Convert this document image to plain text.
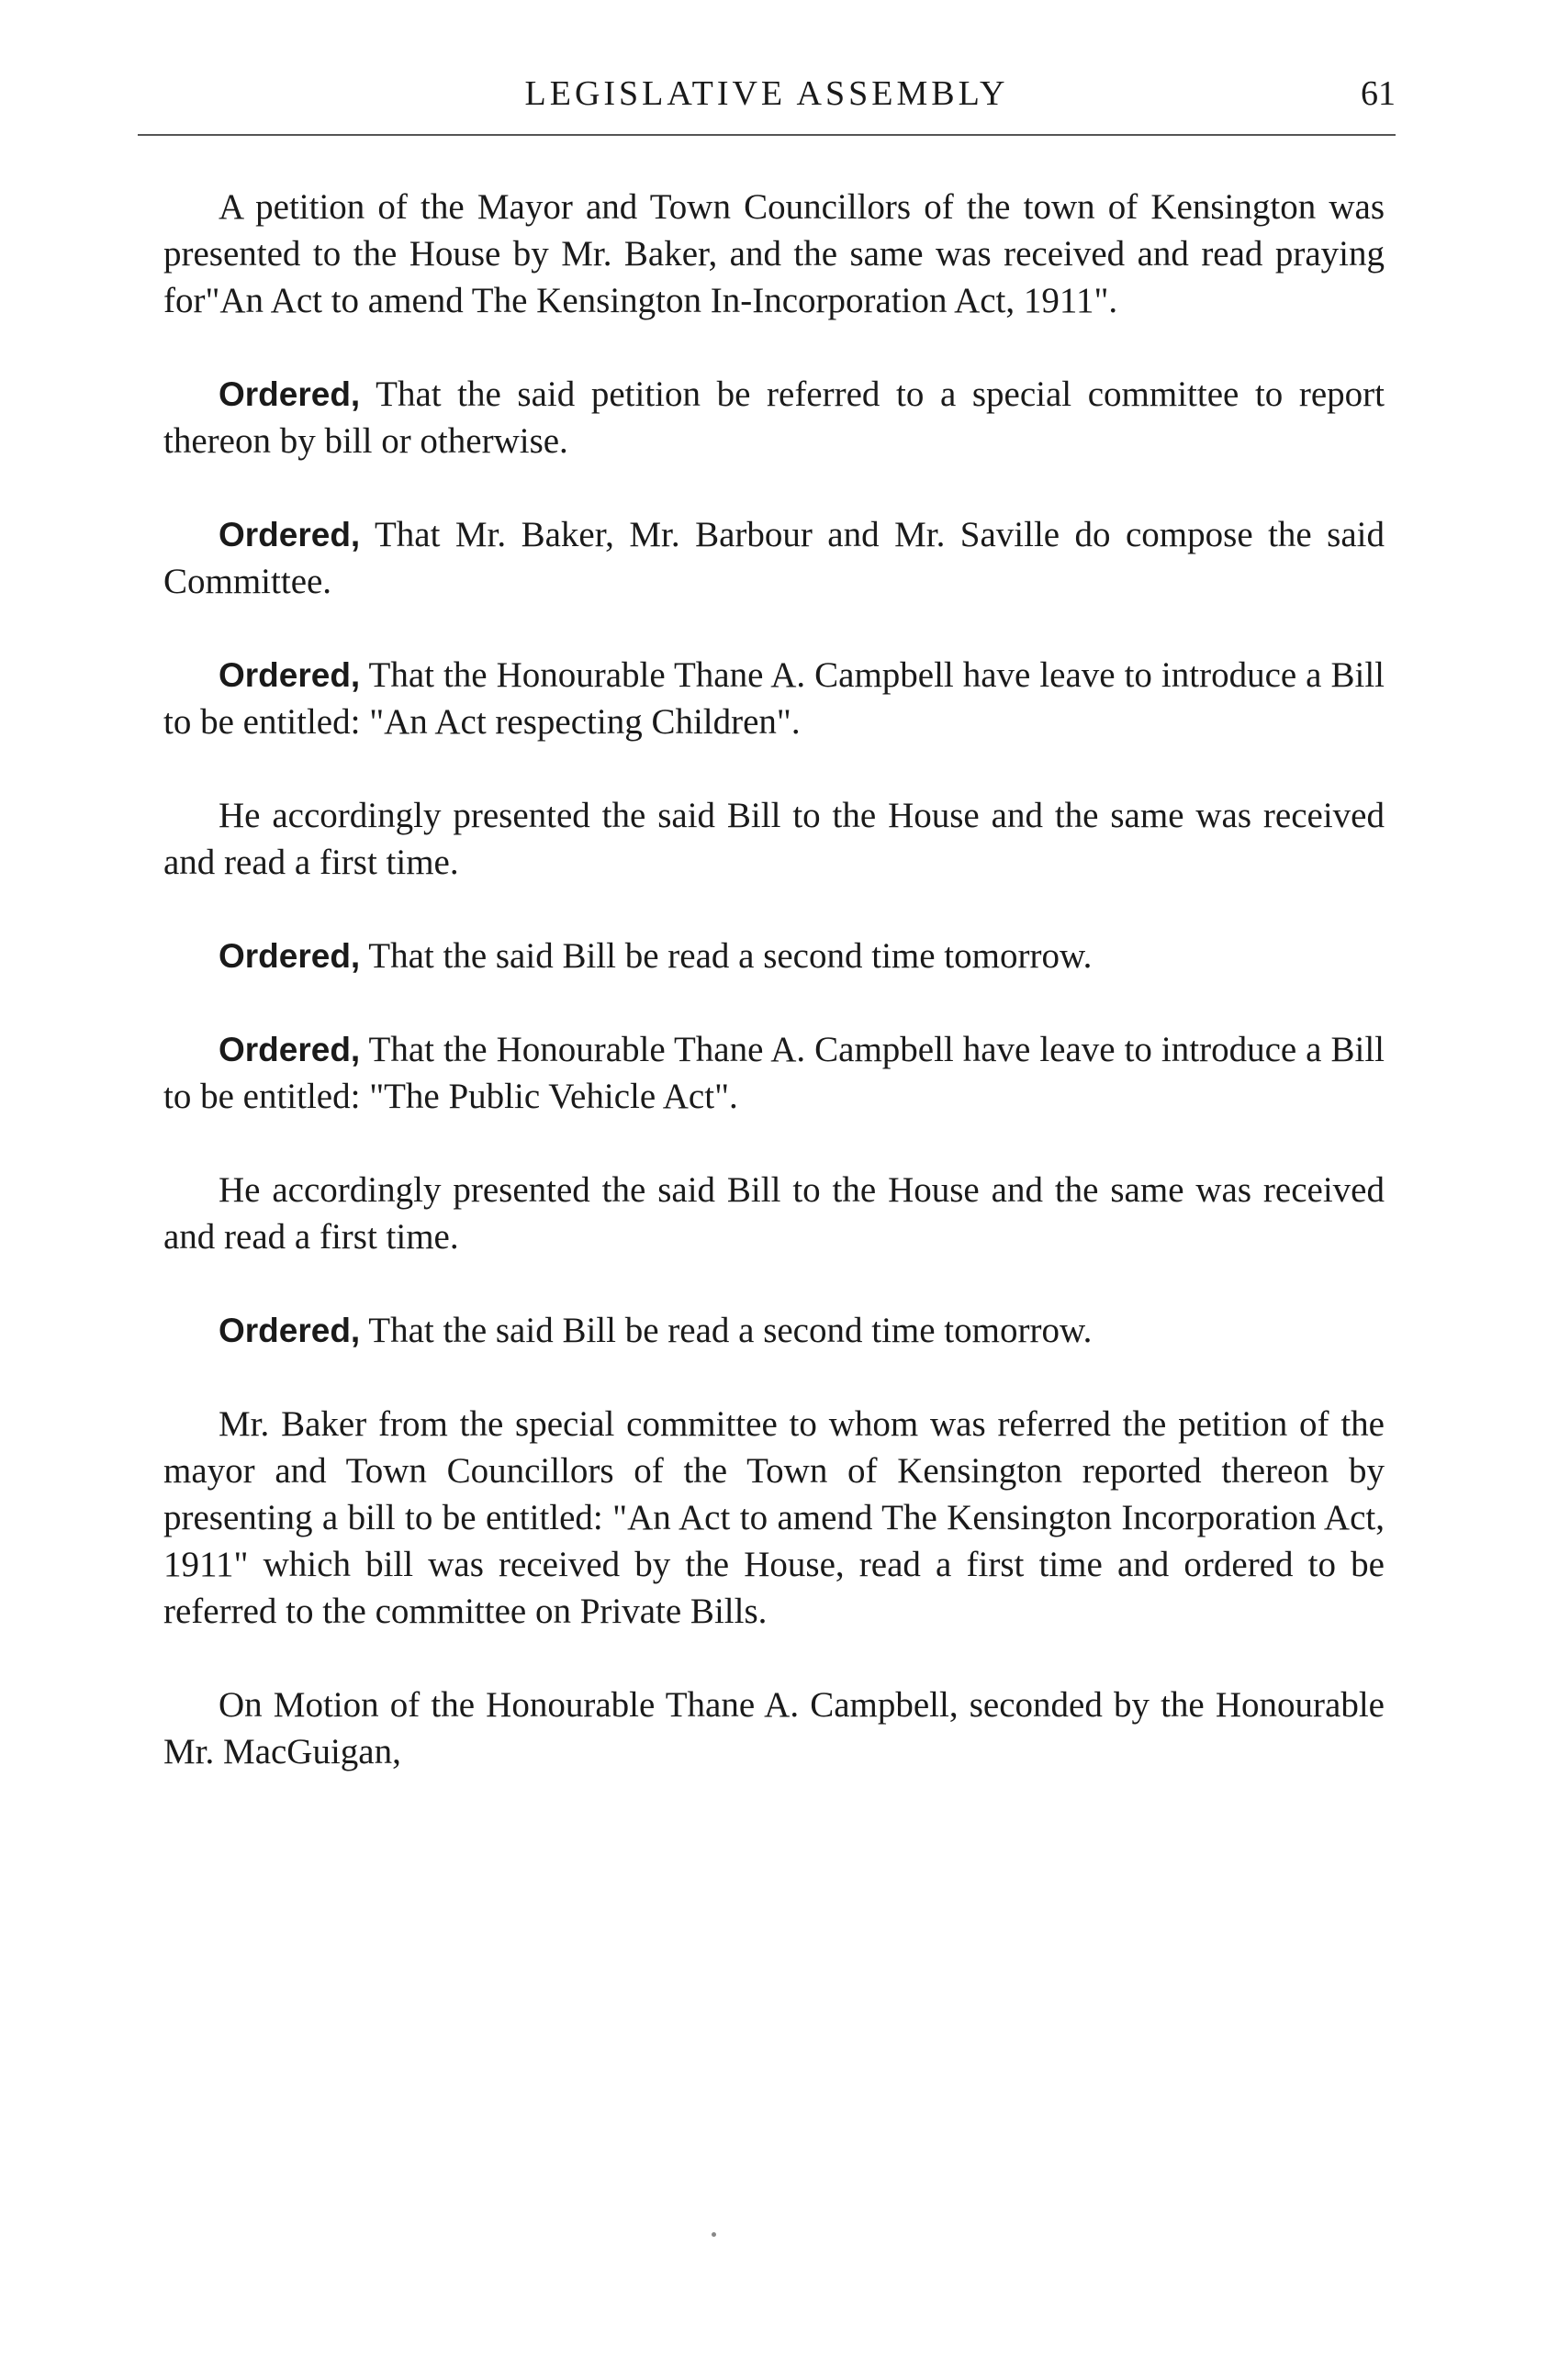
LEGISLATIVE ASSEMBLY	61

A petition of the Mayor and Town Councillors of the town of Kensington was presented to the House by Mr. Baker, and the same was received and read praying for"An Act to amend The Kensington In-Incorporation Act, 1911".

Ordered, That the said petition be referred to a special committee to report thereon by bill or otherwise.

Ordered, That Mr. Baker, Mr. Barbour and Mr. Saville do compose the said Committee.

Ordered, That the Honourable Thane A. Campbell have leave to introduce a Bill to be entitled: "An Act respecting Children".

He accordingly presented the said Bill to the House and the same was received and read a first time.

Ordered, That the said Bill be read a second time tomorrow.

Ordered, That the Honourable Thane A. Campbell have leave to introduce a Bill to be entitled: "The Public Vehicle Act".

He accordingly presented the said Bill to the House and the same was received and read a first time.

Ordered, That the said Bill be read a second time tomorrow.

Mr. Baker from the special committee to whom was referred the petition of the mayor and Town Councillors of the Town of Kensington reported thereon by presenting a bill to be entitled: "An Act to amend The Kensington Incorporation Act, 1911" which bill was received by the House, read a first time and ordered to be referred to the committee on Private Bills.

On Motion of the Honourable Thane A. Campbell, seconded by the Honourable Mr. MacGuigan,
